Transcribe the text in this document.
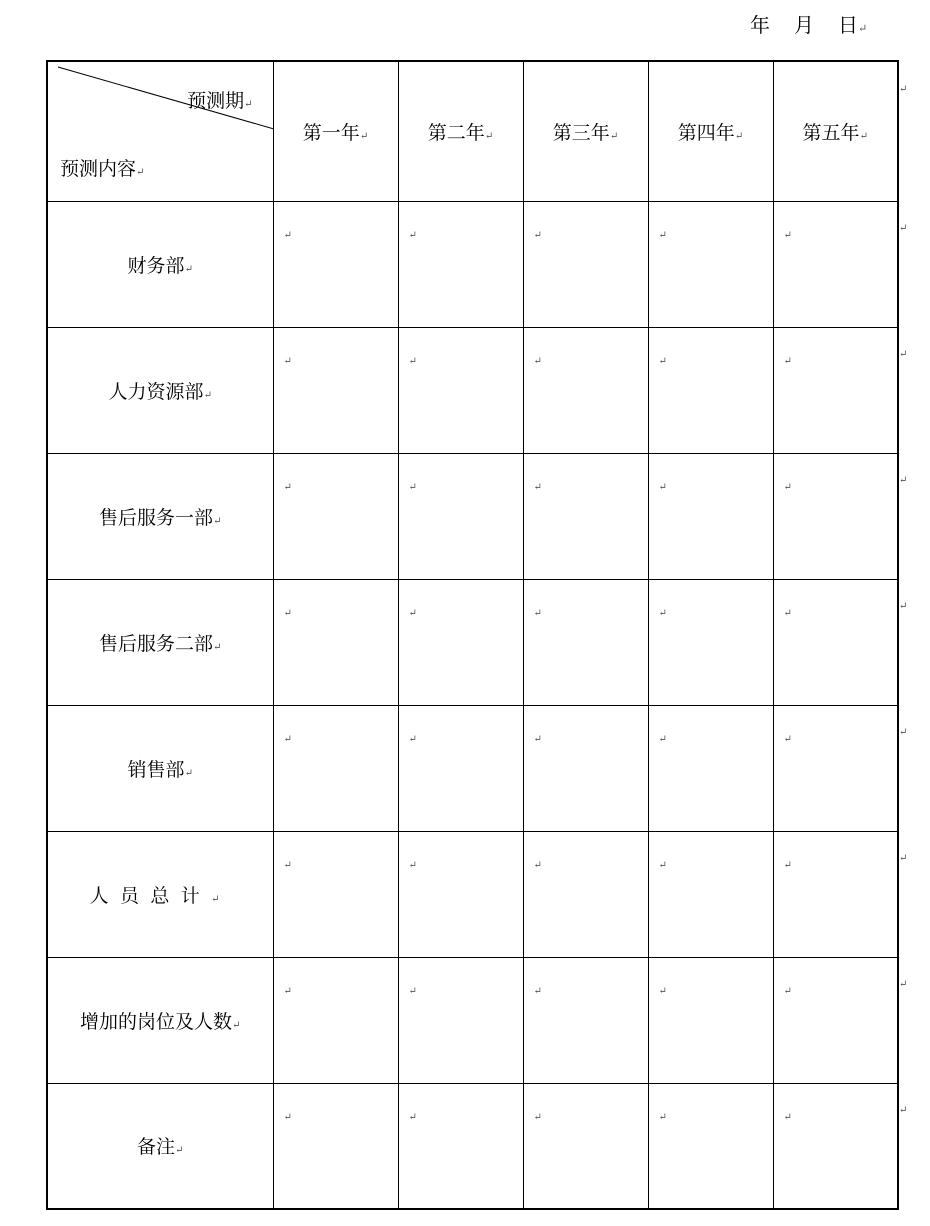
年 月 日↵
预测期↵
预测内容↵	第一年↵	第二年↵	第三年↵	第四年↵	第五年↵
财务部↵	↵	↵	↵	↵	↵

人力资源部↵	↵	↵	↵	↵	↵

售后服务一部↵	↵	↵	↵	↵	↵

售后服务二部↵	↵	↵	↵	↵	↵

销售部↵	↵	↵	↵	↵	↵

人员总计↵	↵	↵	↵	↵	↵

增加的岗位及人数↵	↵	↵	↵	↵	↵

备注↵	↵	↵	↵	↵	↵
↵
↵
↵
↵
↵
↵
↵
↵
↵
